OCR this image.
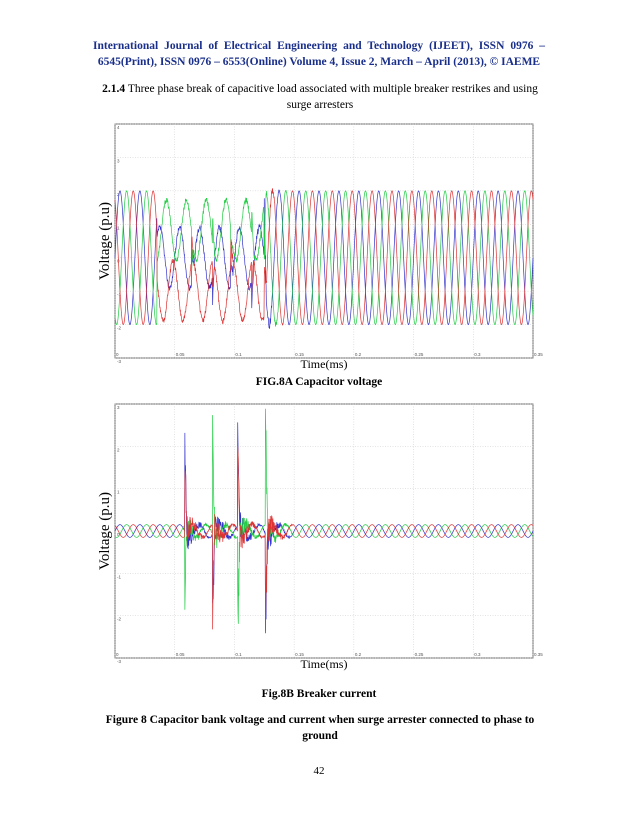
International Journal of Electrical Engineering and Technology (IJEET), ISSN 0976 – 6545(Print), ISSN 0976 – 6553(Online) Volume 4, Issue 2, March – April (2013), © IAEME
2.1.4 Three phase break of capacitive load associated with multiple breaker restrikes and using surge arresters
0	0.05	0.1	0.15	0.2	0.25	0.3	0.35
4
3
2
1
0
-1
-2
-3
Voltage (p.u)
Time(ms)
FIG.8A Capacitor voltage
0	0.05	0.1	0.15	0.2	0.25	0.3	0.35
3
2
1
0
-1
-2
-3
Voltage (p.u)
Time(ms)
Fig.8B Breaker current
Figure 8 Capacitor bank voltage and current when surge arrester connected to phase to ground
42
